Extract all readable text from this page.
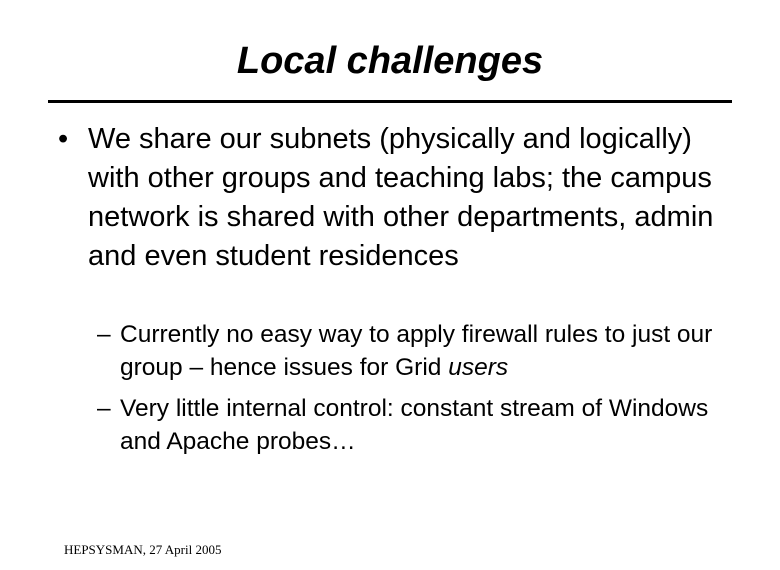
Local challenges
• We share our subnets (physically and logically) with other groups and teaching labs; the campus network is shared with other departments, admin and even student residences
– Currently no easy way to apply firewall rules to just our group – hence issues for Grid users
– Very little internal control: constant stream of Windows and Apache probes…
HEPSYSMAN, 27 April 2005
